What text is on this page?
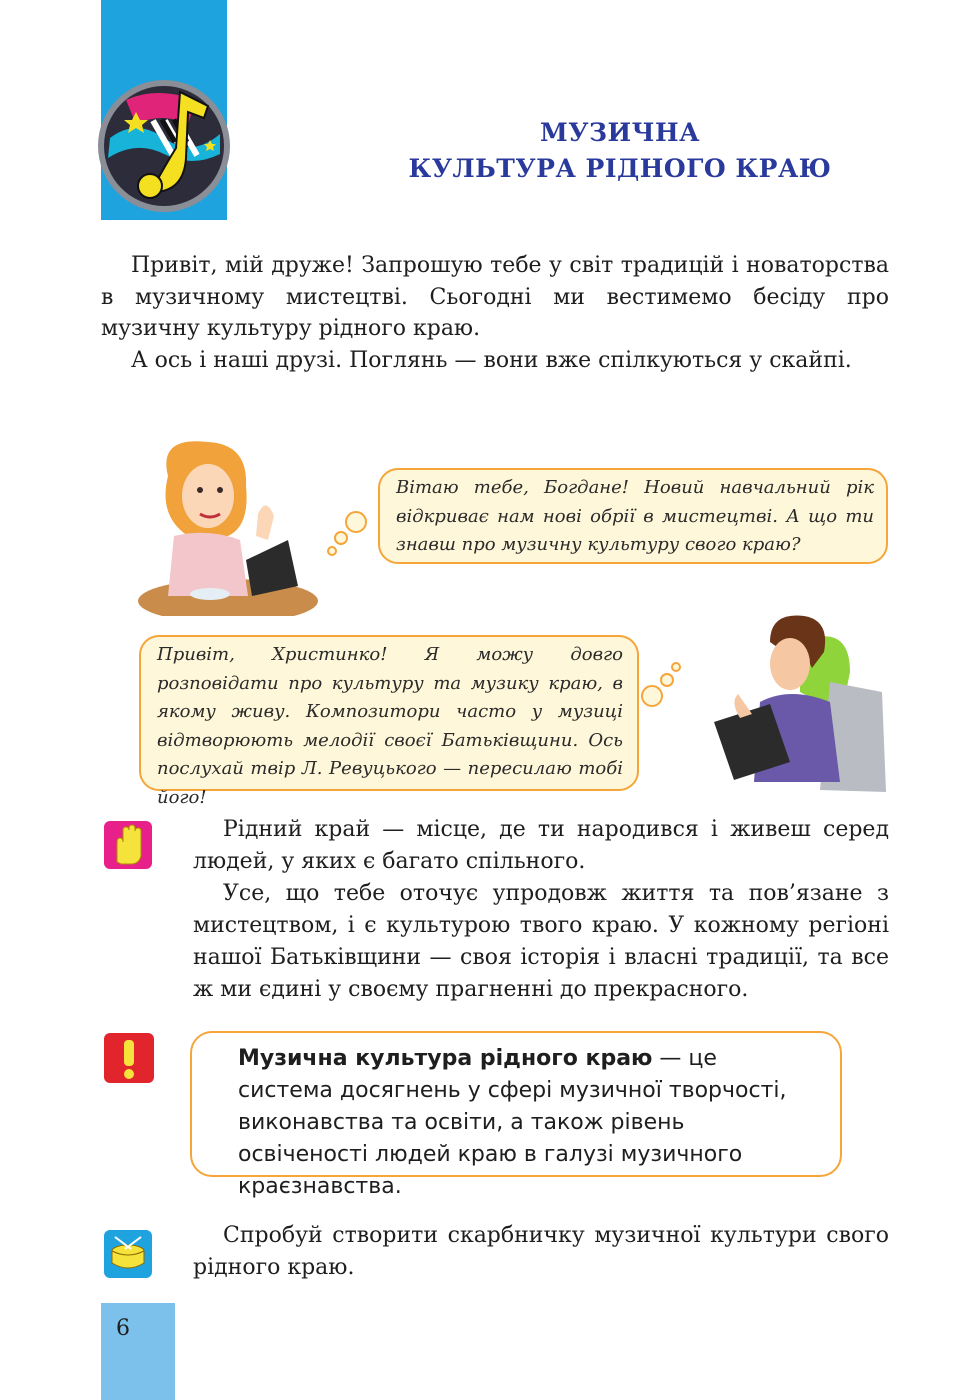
6
МУЗИЧНА
КУЛЬТУРА РІДНОГО КРАЮ

Привіт, мій друже! Запрошую тебе у світ традицій і новаторства в музичному мистецтві. Сьогодні ми вестимемо бесіду про музичну культуру рідного краю.

А ось і наші друзі. Поглянь — вони вже спілкуються у скайпі.

Вітаю тебе, Богдане! Новий навчальний рік відкриває нам нові обрії в мистецтві. А що ти знавш про музичну культуру свого краю?

Привіт, Христинко! Я можу довго розповідати про культуру та музику краю, в якому живу. Композитори часто у музиці відтворюють мелодії своєї Батьківщини. Ось послухай твір Л. Ревуцького — пересилаю тобі його!

Рідний край — місце, де ти народився і живеш серед людей, у яких є багато спільного.

Усе, що тебе оточує упродовж життя та пов’язане з мистецтвом, і є культурою твого краю. У кожному регіоні нашої Батьківщини — своя історія і власні традиції, та все ж ми єдині у своєму прагненні до прекрасного.

Музична культура рідного краю — це система досягнень у сфері музичної творчості, виконавства та освіти, а також рівень освіченості людей краю в галузі музичного краєзнавства.

Спробуй створити скарбничку музичної культури свого рідного краю.
